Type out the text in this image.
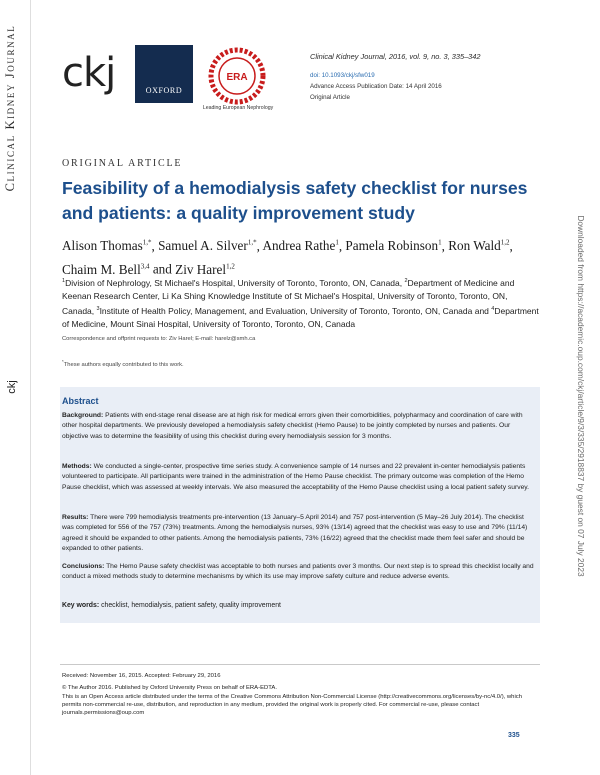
Clinical Kidney Journal
ckj	Downloaded from https://academic.oup.com/ckj/article/9/3/335/2918837 by guest on 07 July 2023
ckj	OXFORD
ERA
Leading European Nephrology
Clinical Kidney Journal, 2016, vol. 9, no. 3, 335–342
doi: 10.1093/ckj/sfw019
Advance Access Publication Date: 14 April 2016
Original Article
ORIGINAL ARTICLE
Feasibility of a hemodialysis safety checklist for nurses and patients: a quality improvement study
Alison Thomas$^{1,*}$, Samuel A. Silver$^{1,*}$, Andrea Rathe$^1$, Pamela Robinson$^1$, Ron Wald$^{1,2}$, Chaim M. Bell$^{3,4}$ and Ziv Harel$^{1,2}$
$^1$Division of Nephrology, St Michael's Hospital, University of Toronto, Toronto, ON, Canada, $^2$Department of Medicine and Keenan Research Center, Li Ka Shing Knowledge Institute of St Michael's Hospital, University of Toronto, Toronto, ON, Canada, $^3$Institute of Health Policy, Management, and Evaluation, University of Toronto, Toronto, ON, Canada and $^4$Department of Medicine, Mount Sinai Hospital, University of Toronto, Toronto, ON, Canada
Correspondence and offprint requests to: Ziv Harel; E-mail: harelz@smh.ca
*These authors equally contributed to this work.
Abstract
Background: Patients with end-stage renal disease are at high risk for medical errors given their comorbidities, polypharmacy and coordination of care with other hospital departments. We previously developed a hemodialysis safety checklist (Hemo Pause) to be jointly completed by nurses and patients. Our objective was to determine the feasibility of using this checklist during every hemodialysis session for 3 months.
Methods: We conducted a single-center, prospective time series study. A convenience sample of 14 nurses and 22 prevalent in-center hemodialysis patients volunteered to participate. All participants were trained in the administration of the Hemo Pause checklist. The primary outcome was completion of the Hemo Pause checklist, which was assessed at weekly intervals. We also measured the acceptability of the Hemo Pause checklist using a local patient safety survey.
Results: There were 799 hemodialysis treatments pre-intervention (13 January–5 April 2014) and 757 post-intervention (5 May–26 July 2014). The checklist was completed for 556 of the 757 (73%) treatments. Among the hemodialysis nurses, 93% (13/14) agreed that the checklist was easy to use and 79% (11/14) agreed it should be expanded to other patients. Among the hemodialysis patients, 73% (16/22) agreed that the checklist made them feel safer and should be expanded to other patients.
Conclusions: The Hemo Pause safety checklist was acceptable to both nurses and patients over 3 months. Our next step is to spread this checklist locally and conduct a mixed methods study to determine mechanisms by which its use may improve safety culture and reduce adverse events.
Key words: checklist, hemodialysis, patient safety, quality improvement
Received: November 16, 2015. Accepted: February 29, 2016
© The Author 2016. Published by Oxford University Press on behalf of ERA-EDTA.
This is an Open Access article distributed under the terms of the Creative Commons Attribution Non-Commercial License (http://creativecommons.org/licenses/by-nc/4.0/), which permits non-commercial re-use, distribution, and reproduction in any medium, provided the original work is properly cited. For commercial re-use, please contact journals.permissions@oup.com
335
